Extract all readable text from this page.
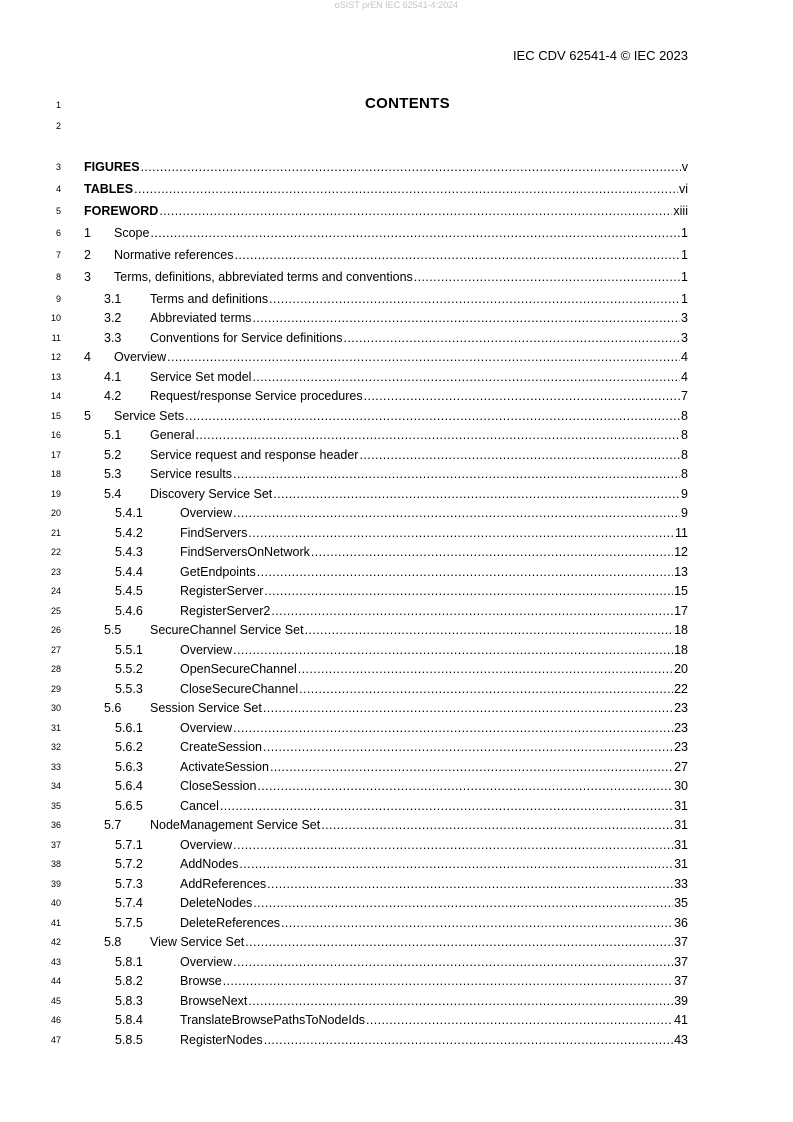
oSIST prEN IEC 62541-4:2024
IEC CDV 62541-4 © IEC 2023
CONTENTS
1
2
3
4
5
6
7
8
9
10
11
12
13
14
15
16
17
18
19
20
21
22
23
24
25
26
27
28
29
30
31
32
33
34
35
36
37
38
39
40
41
42
43
44
45
46
47
FIGURES .....	v
TABLES .....	vi
FOREWORD .....	xiii
1	Scope .....	1
2	Normative references .....	1
3	Terms, definitions, abbreviated terms and conventions .....	1
3.1	Terms and definitions .....	1
3.2	Abbreviated terms .....	3
3.3	Conventions for Service definitions .....	3
4	Overview .....	4
4.1	Service Set model .....	4
4.2	Request/response Service procedures .....	7
5	Service Sets .....	8
5.1	General .....	8
5.2	Service request and response header .....	8
5.3	Service results .....	8
5.4	Discovery Service Set .....	9
5.4.1	Overview .....	9
5.4.2	FindServers .....	11
5.4.3	FindServersOnNetwork .....	12
5.4.4	GetEndpoints .....	13
5.4.5	RegisterServer .....	15
5.4.6	RegisterServer2 .....	17
5.5	SecureChannel Service Set .....	18
5.5.1	Overview .....	18
5.5.2	OpenSecureChannel .....	20
5.5.3	CloseSecureChannel .....	22
5.6	Session Service Set .....	23
5.6.1	Overview .....	23
5.6.2	CreateSession .....	23
5.6.3	ActivateSession .....	27
5.6.4	CloseSession .....	30
5.6.5	Cancel .....	31
5.7	NodeManagement Service Set .....	31
5.7.1	Overview .....	31
5.7.2	AddNodes .....	31
5.7.3	AddReferences .....	33
5.7.4	DeleteNodes .....	35
5.7.5	DeleteReferences .....	36
5.8	View Service Set .....	37
5.8.1	Overview .....	37
5.8.2	Browse .....	37
5.8.3	BrowseNext .....	39
5.8.4	TranslateBrowsePathsToNodeIds .....	41
5.8.5	RegisterNodes .....	43
